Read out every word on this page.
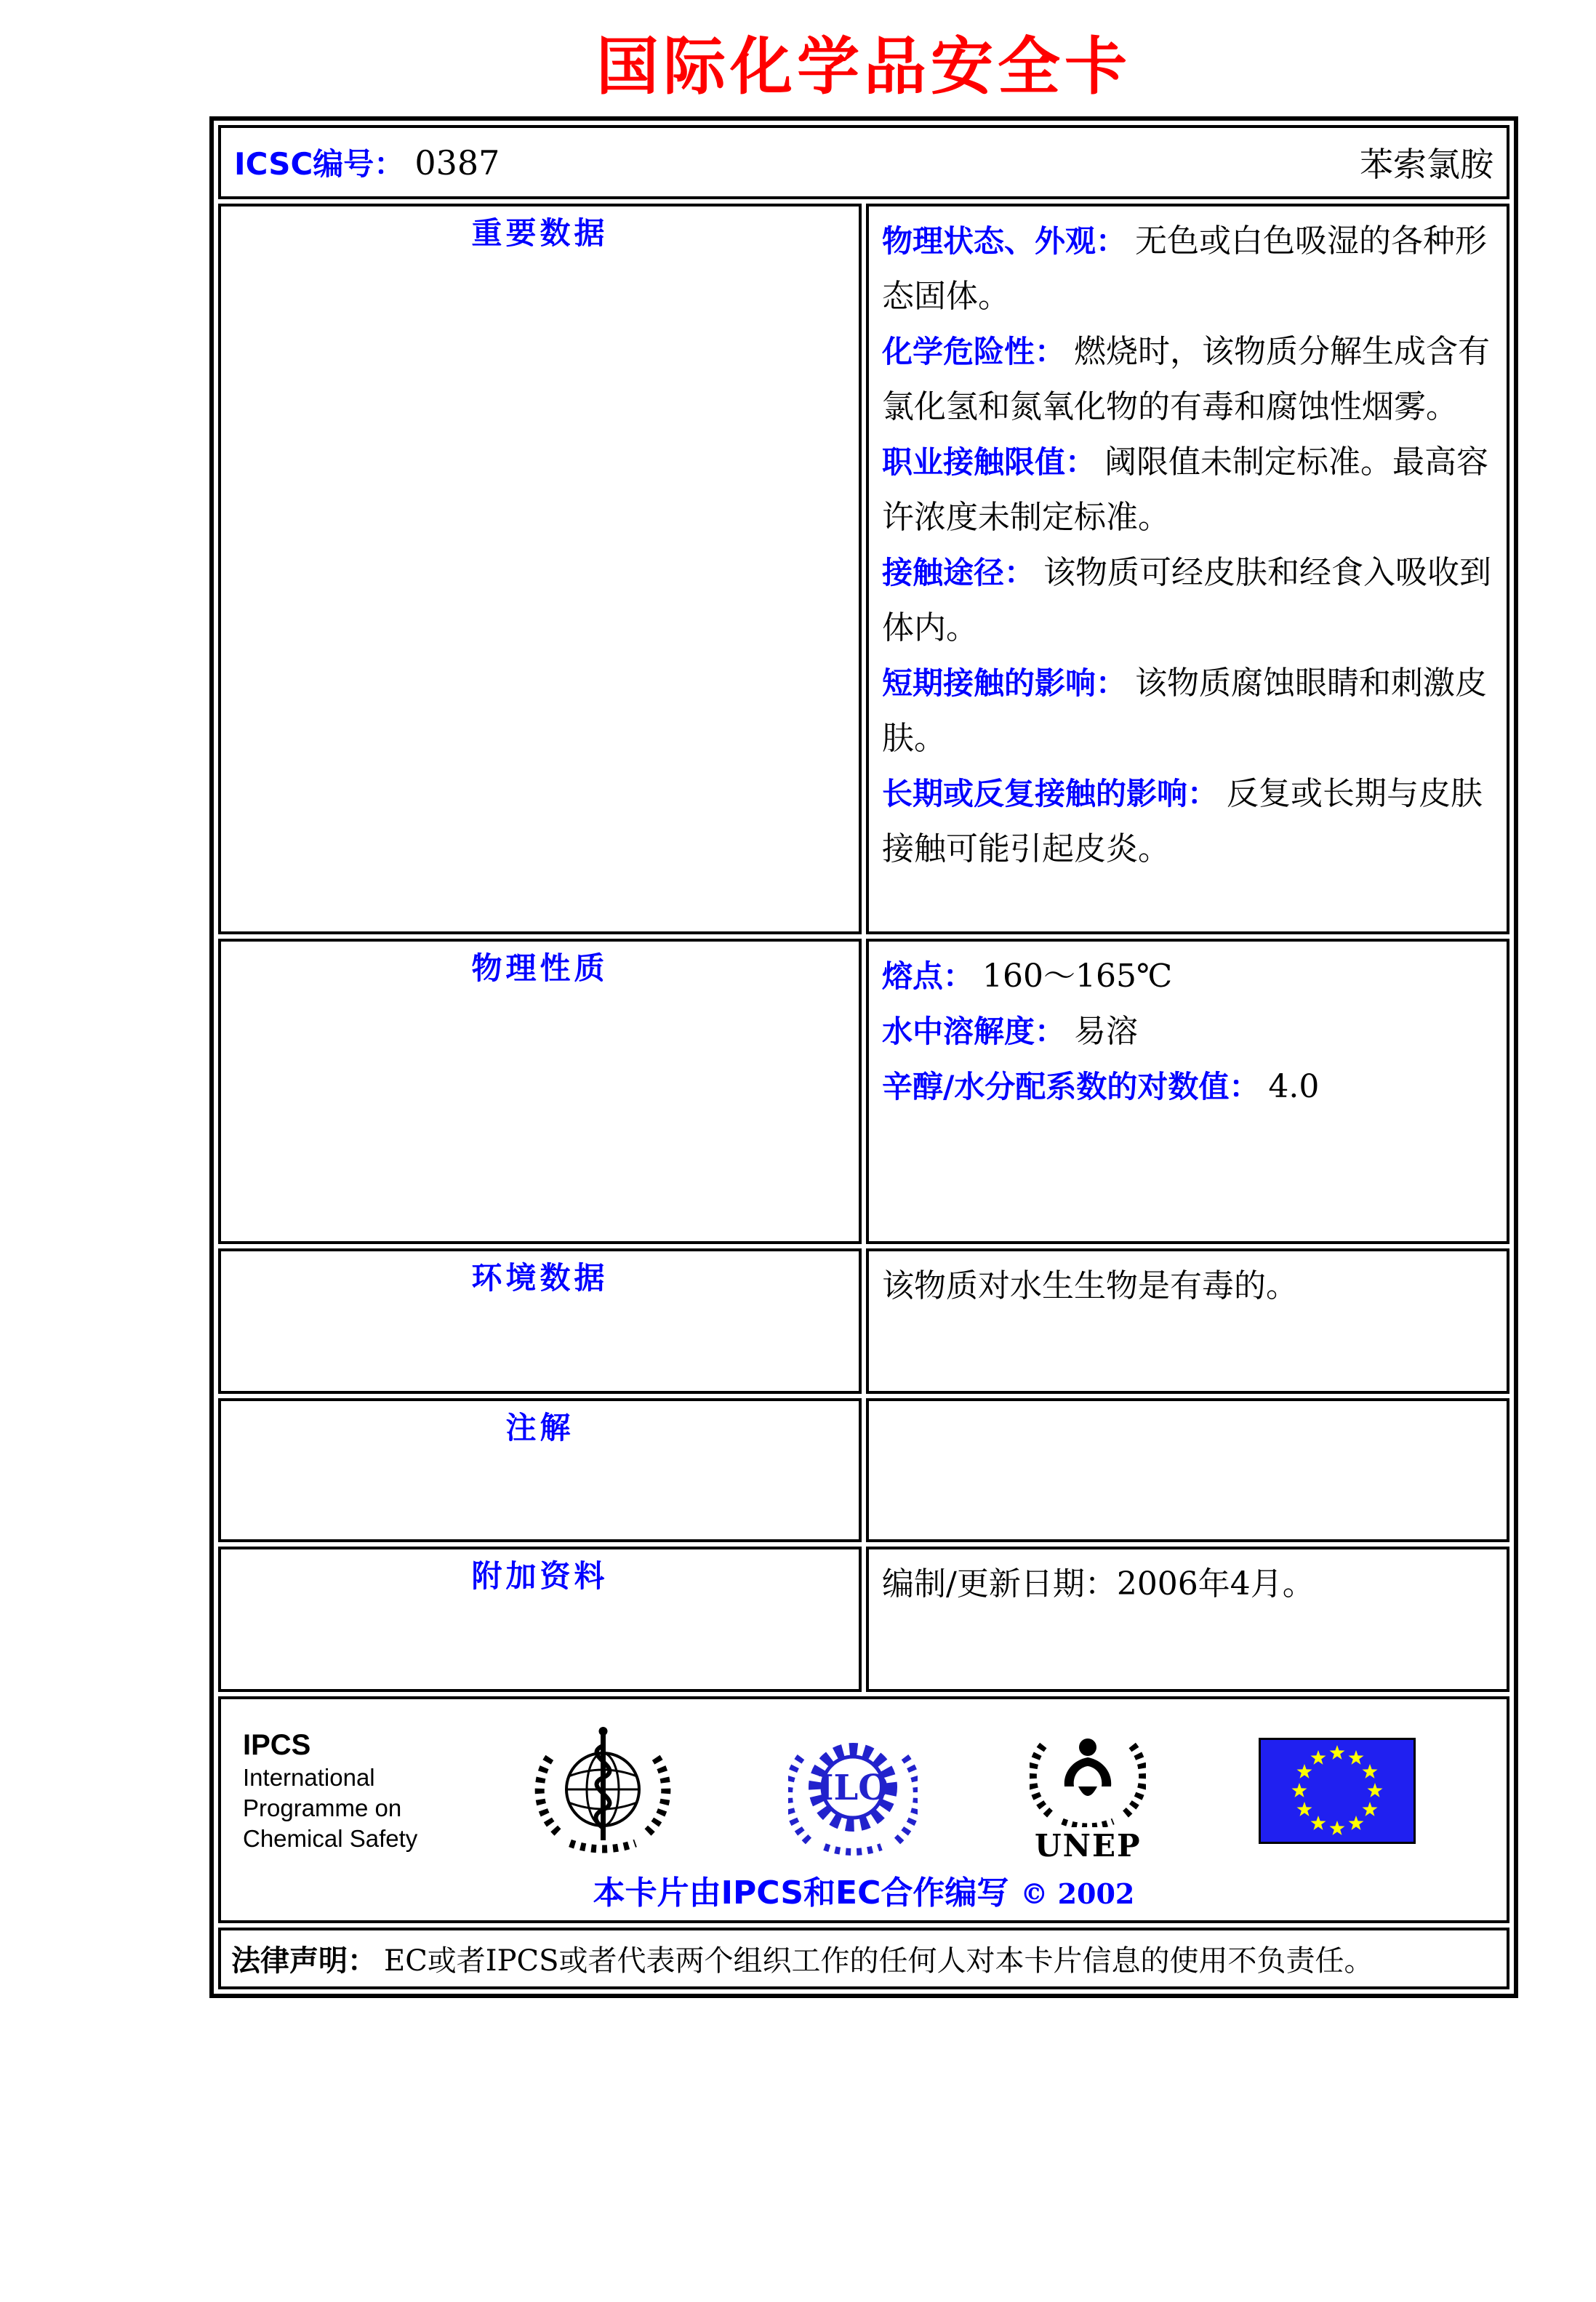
国际化学品安全卡
ICSC编号： 0387 苯索氯胺	

重要数据	物理状态、外观： 无色或白色吸湿的各种形态固体。
化学危险性： 燃烧时，该物质分解生成含有氯化氢和氮氧化物的有毒和腐蚀性烟雾。
职业接触限值： 阈限值未制定标准。最高容许浓度未制定标准。
接触途径： 该物质可经皮肤和经食入吸收到体内。
短期接触的影响： 该物质腐蚀眼睛和刺激皮肤。
长期或反复接触的影响： 反复或长期与皮肤接触可能引起皮炎。

物理性质	熔点： 160～165℃
水中溶解度： 易溶
辛醇/水分配系数的对数值： 4.0

环境数据	该物质对水生生物是有毒的。

注解	

附加资料	编制/更新日期：2006年4月。

IPCS
International
Programme on
Chemical Safety
ILO
UNEP
本卡片由IPCS和EC合作编写 © 2002

法律声明： EC或者IPCS或者代表两个组织工作的任何人对本卡片信息的使用不负责任。	
